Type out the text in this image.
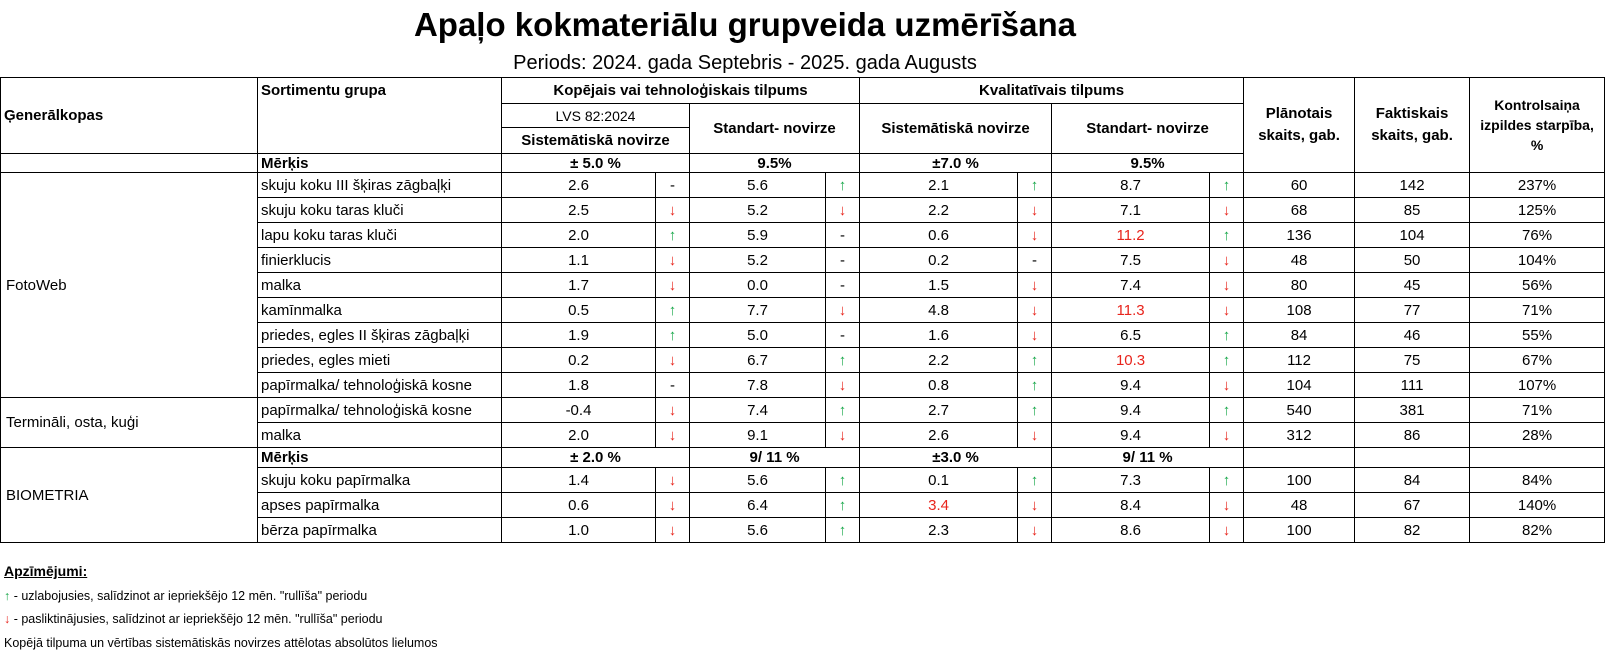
Apaļo kokmateriālu grupveida uzmērīšana
Periods: 2024. gada Septebris - 2025. gada Augusts
Ģenerālkopas	Sortimentu grupa	Kopējais vai tehnoloģiskais tilpums				Kvalitatīvais tilpums				Plānotais skaits, gab.	Faktiskais skaits, gab.	Kontrolsaiņa izpildes starpība, %
		LVS 82:2024		Standart- novirze		Sistemātiskā novirze		Standart- novirze				
		Sistemātiskā novirze										
	Mērķis	± 5.0 %		9.5%		±7.0 %		9.5%				
FotoWeb	skuju koku III šķiras zāgbaļķi	2.6	-	5.6	↑	2.1	↑	8.7	↑	60	142	237%
	skuju koku taras kluči	2.5	↓	5.2	↓	2.2	↓	7.1	↓	68	85	125%
	lapu koku taras kluči	2.0	↑	5.9	-	0.6	↓	11.2	↑	136	104	76%
	finierklucis	1.1	↓	5.2	-	0.2	-	7.5	↓	48	50	104%
	malka	1.7	↓	0.0	-	1.5	↓	7.4	↓	80	45	56%
	kamīnmalka	0.5	↑	7.7	↓	4.8	↓	11.3	↓	108	77	71%
	priedes, egles II šķiras zāgbaļķi	1.9	↑	5.0	-	1.6	↓	6.5	↑	84	46	55%
	priedes, egles mieti	0.2	↓	6.7	↑	2.2	↑	10.3	↑	112	75	67%
	papīrmalka/ tehnoloģiskā kosne	1.8	-	7.8	↓	0.8	↑	9.4	↓	104	111	107%
Termināli, osta, kuģi	papīrmalka/ tehnoloģiskā kosne	-0.4	↓	7.4	↑	2.7	↑	9.4	↑	540	381	71%
	malka	2.0	↓	9.1	↓	2.6	↓	9.4	↓	312	86	28%
BIOMETRIA	Mērķis	± 2.0 %		9/ 11 %		±3.0 %		9/ 11 %				
	skuju koku papīrmalka	1.4	↓	5.6	↑	0.1	↑	7.3	↑	100	84	84%
	apses papīrmalka	0.6	↓	6.4	↑	3.4	↓	8.4	↓	48	67	140%
	bērza papīrmalka	1.0	↓	5.6	↑	2.3	↓	8.6	↓	100	82	82%
Apzīmējumi:
↑ - uzlabojusies, salīdzinot ar iepriekšējo 12 mēn. "rullīša" periodu
↓ - pasliktinājusies, salīdzinot ar iepriekšējo 12 mēn. "rullīša" periodu
Kopējā tilpuma un vērtības sistemātiskās novirzes attēlotas absolūtos lielumos
